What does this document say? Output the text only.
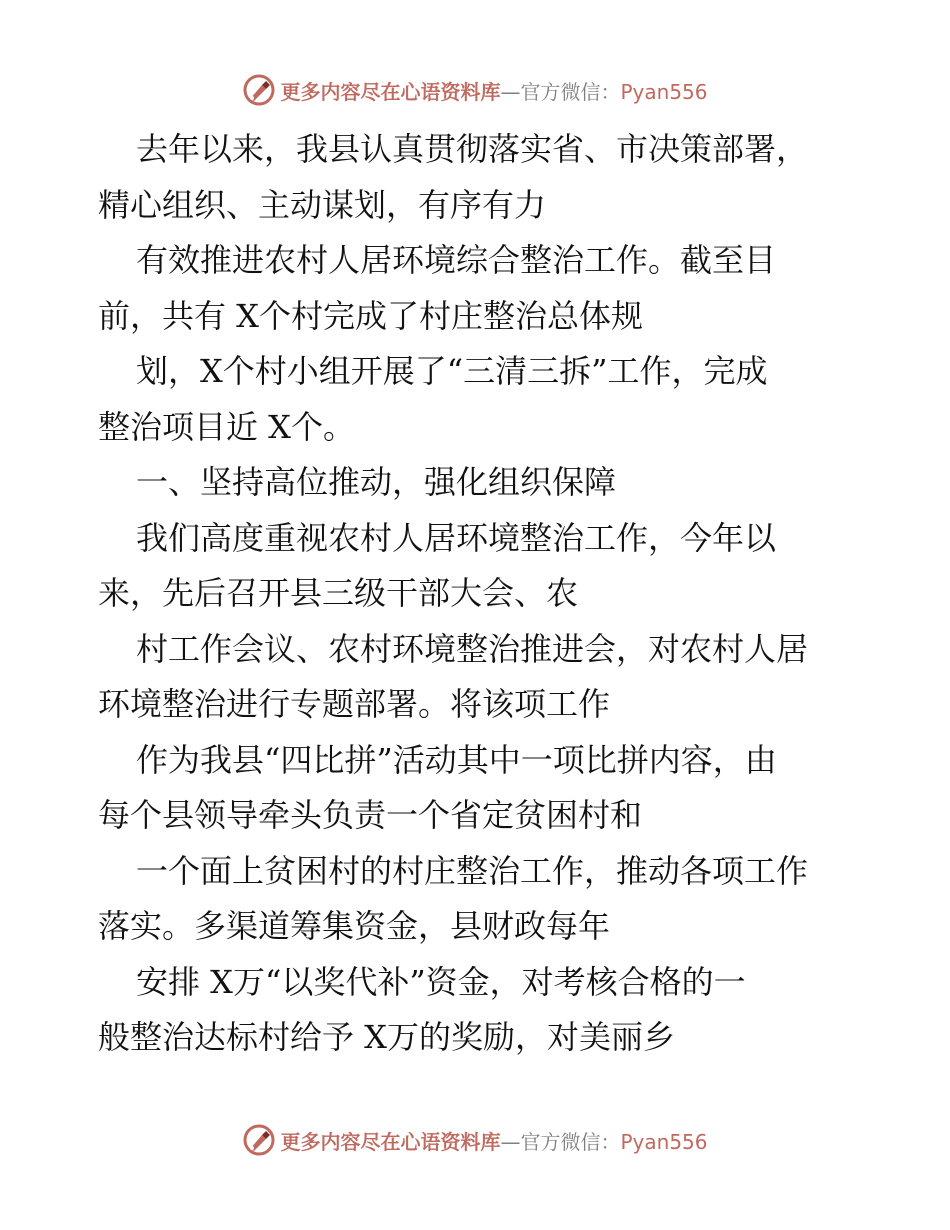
更多内容尽在心语资料库—官方微信：Pyan556
去年以来，我县认真贯彻落实省、市决策部署，
精心组织、主动谋划，有序有力
有效推进农村人居环境综合整治工作。截至目
前，共有 X个村完成了村庄整治总体规
划，X个村小组开展了“三清三拆”工作，完成
整治项目近 X个。
一、坚持高位推动，强化组织保障
我们高度重视农村人居环境整治工作，今年以
来，先后召开县三级干部大会、农
村工作会议、农村环境整治推进会，对农村人居
环境整治进行专题部署。将该项工作
作为我县“四比拼”活动其中一项比拼内容，由
每个县领导牵头负责一个省定贫困村和
一个面上贫困村的村庄整治工作，推动各项工作
落实。多渠道筹集资金，县财政每年
安排 X万“以奖代补”资金，对考核合格的一
般整治达标村给予 X万的奖励，对美丽乡
更多内容尽在心语资料库—官方微信：Pyan556
